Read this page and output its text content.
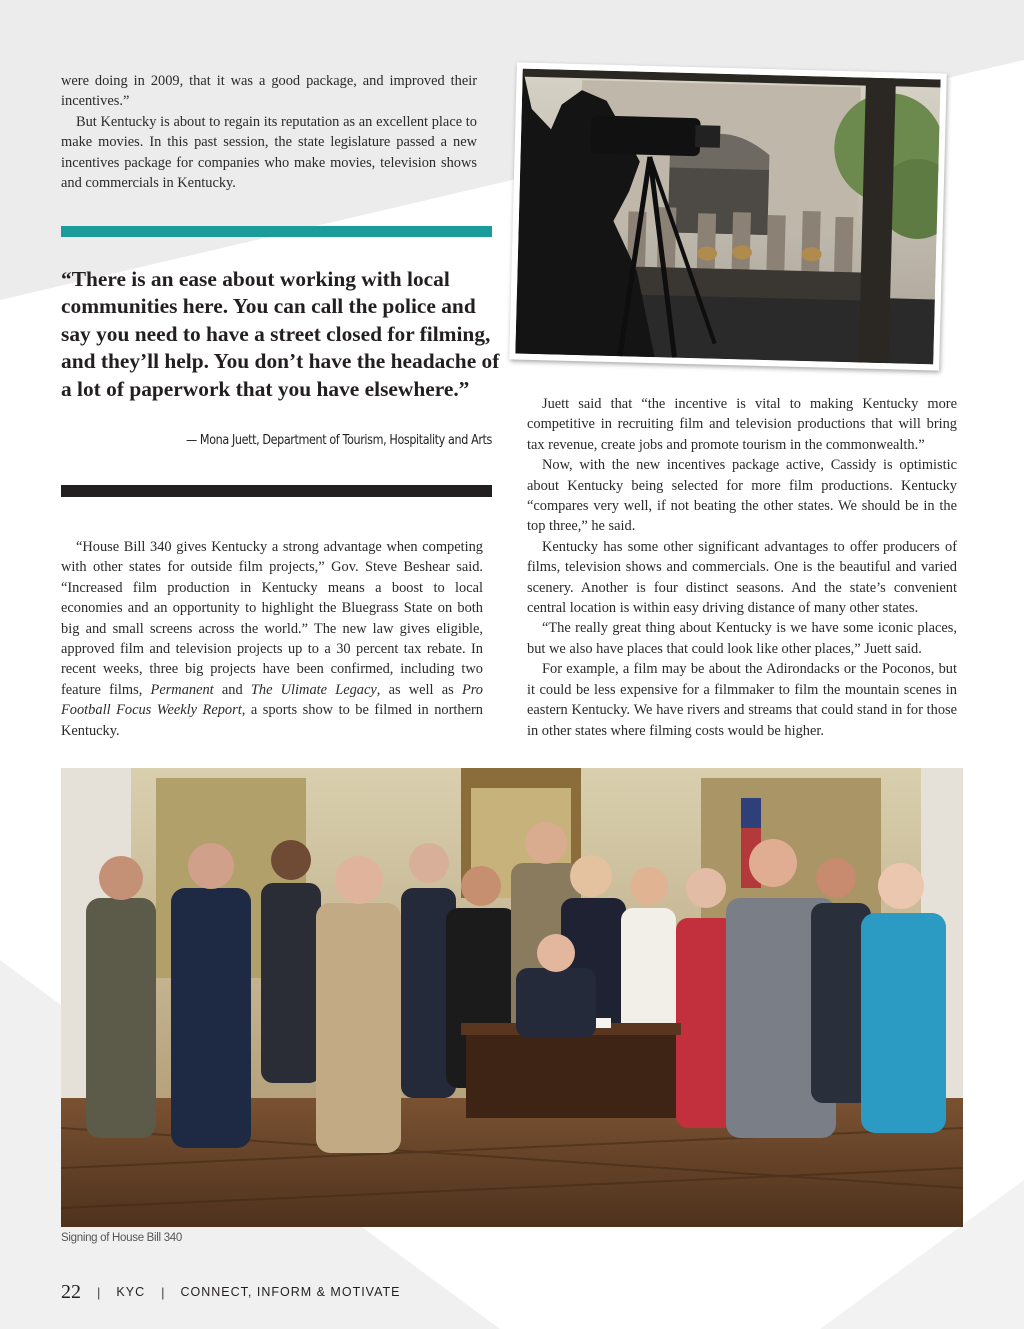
were doing in 2009, that it was a good package, and improved their incentives.”

But Kentucky is about to regain its reputation as an excellent place to make movies. In this past session, the state legislature passed a new incentives package for companies who make movies, television shows and commercials in Kentucky.

“There is an ease about working with local communities here. You can call the police and say you need to have a street closed for filming, and they’ll help. You don’t have the headache of a lot of paperwork that you have elsewhere.”

— Mona Juett, Department of Tourism, Hospitality and Arts

“House Bill 340 gives Kentucky a strong advantage when competing with other states for outside film projects,” Gov. Steve Beshear said. “Increased film production in Kentucky means a boost to local economies and an opportunity to highlight the Bluegrass State on both big and small screens across the world.” The new law gives eligible, approved film and television projects up to a 30 percent tax rebate. In recent weeks, three big projects have been confirmed, including two feature films, Permanent and The Ulimate Legacy, as well as Pro Football Focus Weekly Report, a sports show to be filmed in northern Kentucky.

Juett said that “the incentive is vital to making Kentucky more competitive in recruiting film and television productions that will bring tax revenue, create jobs and promote tourism in the commonwealth.”

Now, with the new incentives package active, Cassidy is optimistic about Kentucky being selected for more film productions. Kentucky “compares very well, if not beating the other states. We should be in the top three,” he said.

Kentucky has some other significant advantages to offer producers of films, television shows and commercials. One is the beautiful and varied scenery. Another is four distinct seasons. And the state’s convenient central location is within easy driving distance of many other states.

“The really great thing about Kentucky is we have some iconic places, but we also have places that could look like other places,” Juett said.

For example, a film may be about the Adirondacks or the Poconos, but it could be less expensive for a filmmaker to film the mountain scenes in eastern Kentucky. We have rivers and streams that could stand in for those in other states where filming costs would be higher.

Signing of House Bill 340
22 | KYC | CONNECT, INFORM & MOTIVATE
